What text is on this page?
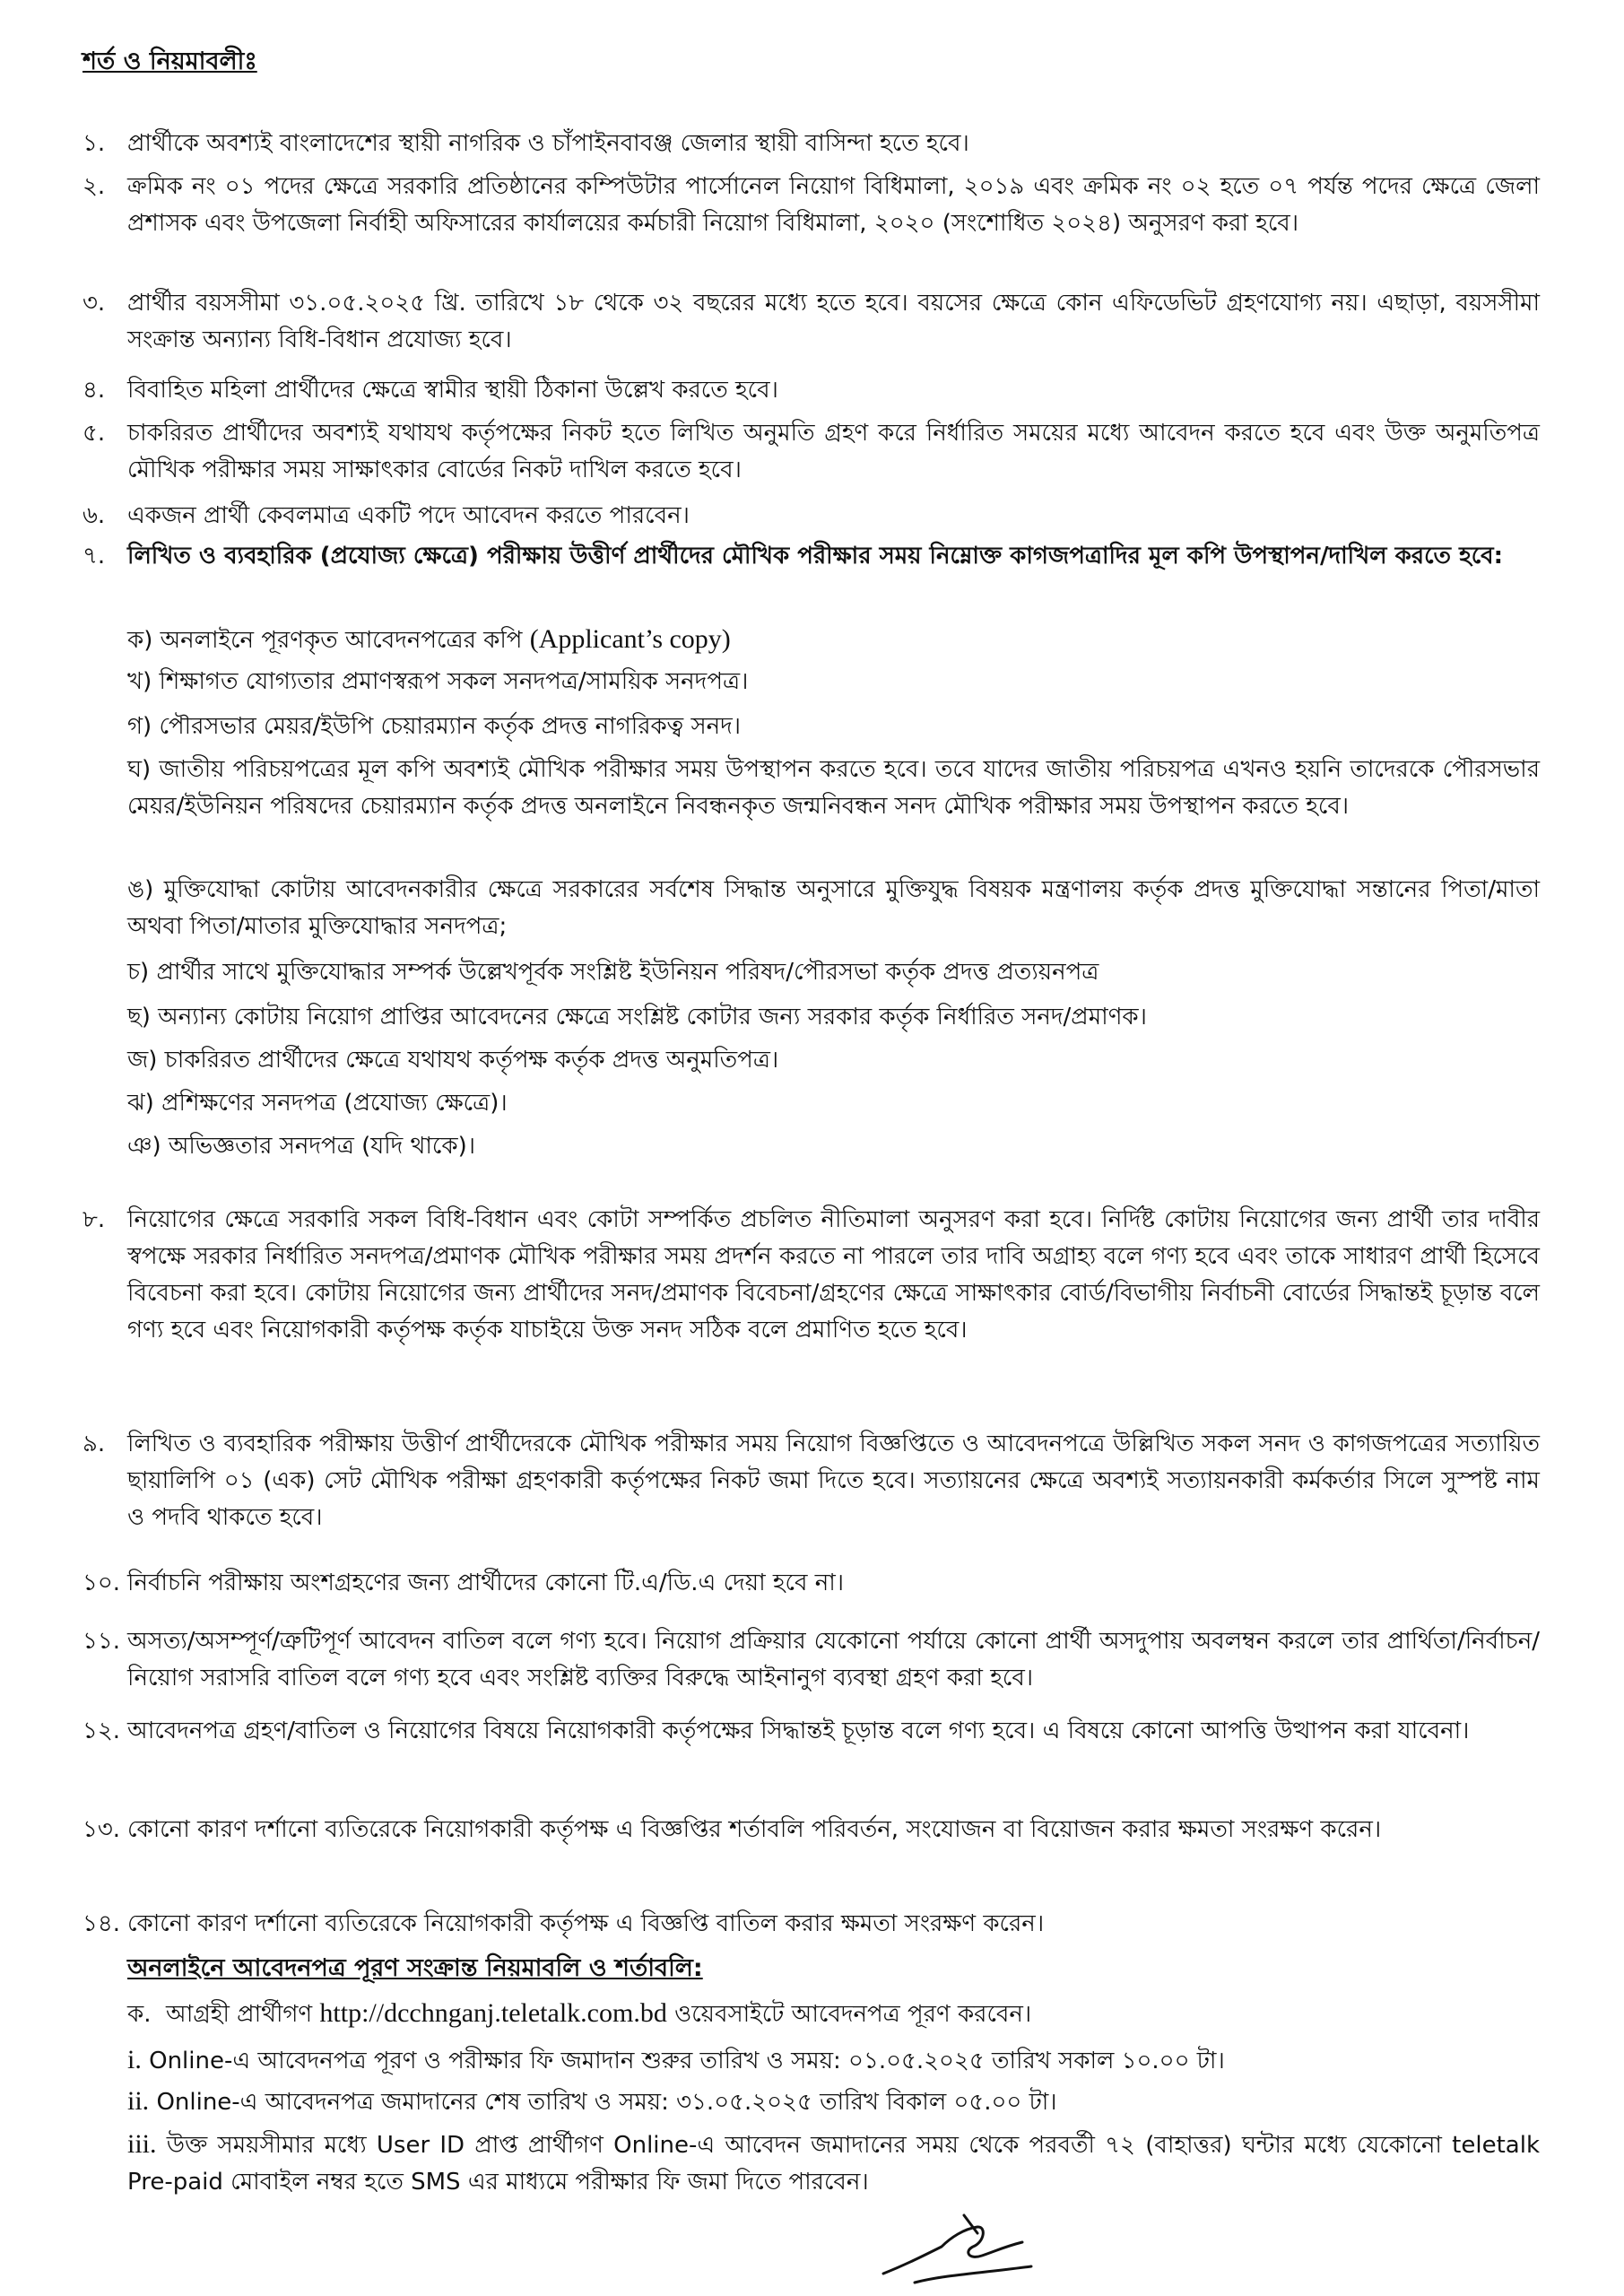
শর্ত ও নিয়মাবলীঃ
১. প্রার্থীকে অবশ্যই বাংলাদেশের স্থায়ী নাগরিক ও চাঁপাইনবাবঞ্জ জেলার স্থায়ী বাসিন্দা হতে হবে।
২. ক্রমিক নং ০১ পদের ক্ষেত্রে সরকারি প্রতিষ্ঠানের কম্পিউটার পার্সোনেল নিয়োগ বিধিমালা, ২০১৯ এবং ক্রমিক নং ০২ হতে ০৭ পর্যন্ত পদের ক্ষেত্রে জেলা প্রশাসক এবং উপজেলা নির্বাহী অফিসারের কার্যালয়ের কর্মচারী নিয়োগ বিধিমালা, ২০২০ (সংশোধিত ২০২৪) অনুসরণ করা হবে।
৩. প্রার্থীর বয়সসীমা ৩১.০৫.২০২৫ খ্রি. তারিখে ১৮ থেকে ৩২ বছরের মধ্যে হতে হবে। বয়সের ক্ষেত্রে কোন এফিডেভিট গ্রহণযোগ্য নয়। এছাড়া, বয়সসীমা সংক্রান্ত অন্যান্য বিধি-বিধান প্রযোজ্য হবে।
৪. বিবাহিত মহিলা প্রার্থীদের ক্ষেত্রে স্বামীর স্থায়ী ঠিকানা উল্লেখ করতে হবে।
৫. চাকরিরত প্রার্থীদের অবশ্যই যথাযথ কর্তৃপক্ষের নিকট হতে লিখিত অনুমতি গ্রহণ করে নির্ধারিত সময়ের মধ্যে আবেদন করতে হবে এবং উক্ত অনুমতিপত্র মৌখিক পরীক্ষার সময় সাক্ষাৎকার বোর্ডের নিকট দাখিল করতে হবে।
৬. একজন প্রার্থী কেবলমাত্র একটি পদে আবেদন করতে পারবেন।
৭. লিখিত ও ব্যবহারিক (প্রযোজ্য ক্ষেত্রে) পরীক্ষায় উত্তীর্ণ প্রার্থীদের মৌখিক পরীক্ষার সময় নিম্নোক্ত কাগজপত্রাদির মূল কপি উপস্থাপন/দাখিল করতে হবে:
ক) অনলাইনে পূরণকৃত আবেদনপত্রের কপি (Applicant’s copy)
খ) শিক্ষাগত যোগ্যতার প্রমাণস্বরূপ সকল সনদপত্র/সাময়িক সনদপত্র।
গ) পৌরসভার মেয়র/ইউপি চেয়ারম্যান কর্তৃক প্রদত্ত নাগরিকত্ব সনদ।
ঘ) জাতীয় পরিচয়পত্রের মূল কপি অবশ্যই মৌখিক পরীক্ষার সময় উপস্থাপন করতে হবে। তবে যাদের জাতীয় পরিচয়পত্র এখনও হয়নি তাদেরকে পৌরসভার মেয়র/ইউনিয়ন পরিষদের চেয়ারম্যান কর্তৃক প্রদত্ত অনলাইনে নিবন্ধনকৃত জন্মনিবন্ধন সনদ মৌখিক পরীক্ষার সময় উপস্থাপন করতে হবে।
ঙ) মুক্তিযোদ্ধা কোটায় আবেদনকারীর ক্ষেত্রে সরকারের সর্বশেষ সিদ্ধান্ত অনুসারে মুক্তিযুদ্ধ বিষয়ক মন্ত্রণালয় কর্তৃক প্রদত্ত মুক্তিযোদ্ধা সন্তানের পিতা/মাতা অথবা পিতা/মাতার মুক্তিযোদ্ধার সনদপত্র;
চ) প্রার্থীর সাথে মুক্তিযোদ্ধার সম্পর্ক উল্লেখপূর্বক সংশ্লিষ্ট ইউনিয়ন পরিষদ/পৌরসভা কর্তৃক প্রদত্ত প্রত্যয়নপত্র
ছ) অন্যান্য কোটায় নিয়োগ প্রাপ্তির আবেদনের ক্ষেত্রে সংশ্লিষ্ট কোটার জন্য সরকার কর্তৃক নির্ধারিত সনদ/প্রমাণক।
জ) চাকরিরত প্রার্থীদের ক্ষেত্রে যথাযথ কর্তৃপক্ষ কর্তৃক প্রদত্ত অনুমতিপত্র।
ঝ) প্রশিক্ষণের সনদপত্র (প্রযোজ্য ক্ষেত্রে)।
ঞ) অভিজ্ঞতার সনদপত্র (যদি থাকে)।
৮. নিয়োগের ক্ষেত্রে সরকারি সকল বিধি-বিধান এবং কোটা সম্পর্কিত প্রচলিত নীতিমালা অনুসরণ করা হবে। নির্দিষ্ট কোটায় নিয়োগের জন্য প্রার্থী তার দাবীর স্বপক্ষে সরকার নির্ধারিত সনদপত্র/প্রমাণক মৌখিক পরীক্ষার সময় প্রদর্শন করতে না পারলে তার দাবি অগ্রাহ্য বলে গণ্য হবে এবং তাকে সাধারণ প্রার্থী হিসেবে বিবেচনা করা হবে। কোটায় নিয়োগের জন্য প্রার্থীদের সনদ/প্রমাণক বিবেচনা/গ্রহণের ক্ষেত্রে সাক্ষাৎকার বোর্ড/বিভাগীয় নির্বাচনী বোর্ডের সিদ্ধান্তই চূড়ান্ত বলে গণ্য হবে এবং নিয়োগকারী কর্তৃপক্ষ কর্তৃক যাচাইয়ে উক্ত সনদ সঠিক বলে প্রমাণিত হতে হবে।
৯. লিখিত ও ব্যবহারিক পরীক্ষায় উত্তীর্ণ প্রার্থীদেরকে মৌখিক পরীক্ষার সময় নিয়োগ বিজ্ঞপ্তিতে ও আবেদনপত্রে উল্লিখিত সকল সনদ ও কাগজপত্রের সত্যায়িত ছায়ালিপি ০১ (এক) সেট মৌখিক পরীক্ষা গ্রহণকারী কর্তৃপক্ষের নিকট জমা দিতে হবে। সত্যায়নের ক্ষেত্রে অবশ্যই সত্যায়নকারী কর্মকর্তার সিলে সুস্পষ্ট নাম ও পদবি থাকতে হবে।
১০. নির্বাচনি পরীক্ষায় অংশগ্রহণের জন্য প্রার্থীদের কোনো টি.এ/ডি.এ দেয়া হবে না।
১১. অসত্য/অসম্পূর্ণ/ত্রুটিপূর্ণ আবেদন বাতিল বলে গণ্য হবে। নিয়োগ প্রক্রিয়ার যেকোনো পর্যায়ে কোনো প্রার্থী অসদুপায় অবলম্বন করলে তার প্রার্থিতা/নির্বাচন/নিয়োগ সরাসরি বাতিল বলে গণ্য হবে এবং সংশ্লিষ্ট ব্যক্তির বিরুদ্ধে আইনানুগ ব্যবস্থা গ্রহণ করা হবে।
১২. আবেদনপত্র গ্রহণ/বাতিল ও নিয়োগের বিষয়ে নিয়োগকারী কর্তৃপক্ষের সিদ্ধান্তই চূড়ান্ত বলে গণ্য হবে। এ বিষয়ে কোনো আপত্তি উত্থাপন করা যাবেনা।
১৩. কোনো কারণ দর্শানো ব্যতিরেকে নিয়োগকারী কর্তৃপক্ষ এ বিজ্ঞপ্তির শর্তাবলি পরিবর্তন, সংযোজন বা বিয়োজন করার ক্ষমতা সংরক্ষণ করেন।
১৪. কোনো কারণ দর্শানো ব্যতিরেকে নিয়োগকারী কর্তৃপক্ষ এ বিজ্ঞপ্তি বাতিল করার ক্ষমতা সংরক্ষণ করেন।
অনলাইনে আবেদনপত্র পূরণ সংক্রান্ত নিয়মাবলি ও শর্তাবলি:
ক. আগ্রহী প্রার্থীগণ http://dcchnganj.teletalk.com.bd ওয়েবসাইটে আবেদনপত্র পূরণ করবেন।
i. Online-এ আবেদনপত্র পূরণ ও পরীক্ষার ফি জমাদান শুরুর তারিখ ও সময়: ০১.০৫.২০২৫ তারিখ সকাল ১০.০০ টা।
ii. Online-এ আবেদনপত্র জমাদানের শেষ তারিখ ও সময়: ৩১.০৫.২০২৫ তারিখ বিকাল ০৫.০০ টা।
iii. উক্ত সময়সীমার মধ্যে User ID প্রাপ্ত প্রার্থীগণ Online-এ আবেদন জমাদানের সময় থেকে পরবর্তী ৭২ (বাহাত্তর) ঘন্টার মধ্যে যেকোনো teletalk Pre-paid মোবাইল নম্বর হতে SMS এর মাধ্যমে পরীক্ষার ফি জমা দিতে পারবেন।
